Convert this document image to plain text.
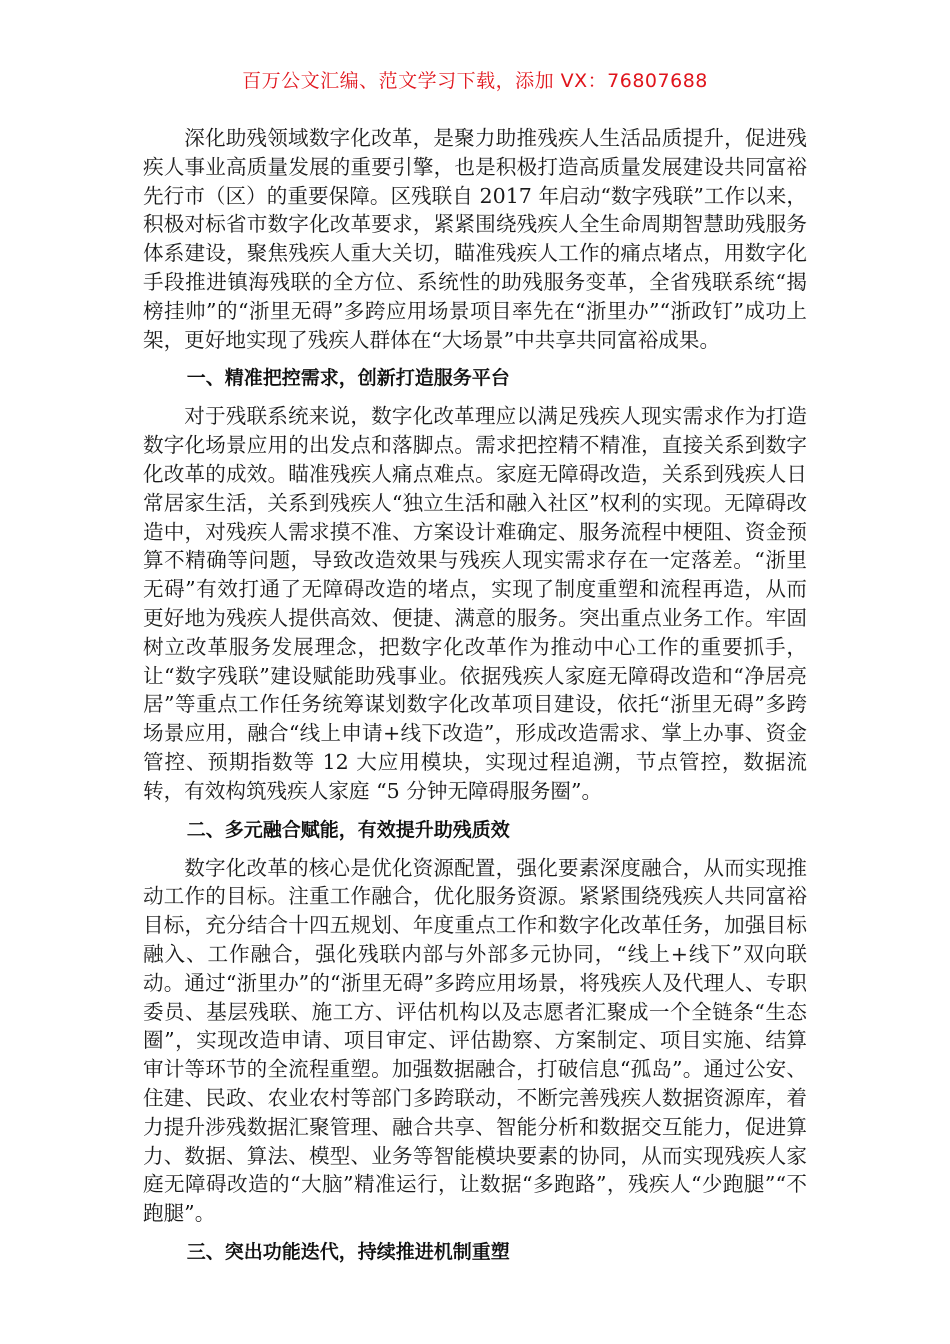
百万公文汇编、范文学习下载，添加 VX：76807688

深化助残领域数字化改革，是聚力助推残疾人生活品质提升，促进残疾人事业高质量发展的重要引擎，也是积极打造高质量发展建设共同富裕先行市（区）的重要保障。区残联自 2017 年启动“数字残联”工作以来，积极对标省市数字化改革要求，紧紧围绕残疾人全生命周期智慧助残服务体系建设，聚焦残疾人重大关切，瞄准残疾人工作的痛点堵点，用数字化手段推进镇海残联的全方位、系统性的助残服务变革，全省残联系统“揭榜挂帅”的“浙里无碍”多跨应用场景项目率先在“浙里办”“浙政钉”成功上架，更好地实现了残疾人群体在“大场景”中共享共同富裕成果。

一、精准把控需求，创新打造服务平台

对于残联系统来说，数字化改革理应以满足残疾人现实需求作为打造数字化场景应用的出发点和落脚点。需求把控精不精准，直接关系到数字化改革的成效。瞄准残疾人痛点难点。家庭无障碍改造，关系到残疾人日常居家生活，关系到残疾人“独立生活和融入社区”权利的实现。无障碍改造中，对残疾人需求摸不准、方案设计难确定、服务流程中梗阻、资金预算不精确等问题，导致改造效果与残疾人现实需求存在一定落差。“浙里无碍”有效打通了无障碍改造的堵点，实现了制度重塑和流程再造，从而更好地为残疾人提供高效、便捷、满意的服务。突出重点业务工作。牢固树立改革服务发展理念，把数字化改革作为推动中心工作的重要抓手，让“数字残联”建设赋能助残事业。依据残疾人家庭无障碍改造和“净居亮居”等重点工作任务统筹谋划数字化改革项目建设，依托“浙里无碍”多跨场景应用，融合“线上申请+线下改造”，形成改造需求、掌上办事、资金管控、预期指数等 12 大应用模块，实现过程追溯，节点管控，数据流转，有效构筑残疾人家庭 “5 分钟无障碍服务圈”。

二、多元融合赋能，有效提升助残质效

数字化改革的核心是优化资源配置，强化要素深度融合，从而实现推动工作的目标。注重工作融合，优化服务资源。紧紧围绕残疾人共同富裕目标，充分结合十四五规划、年度重点工作和数字化改革任务，加强目标融入、工作融合，强化残联内部与外部多元协同，“线上+线下”双向联动。通过“浙里办”的“浙里无碍”多跨应用场景，将残疾人及代理人、专职委员、基层残联、施工方、评估机构以及志愿者汇聚成一个全链条“生态圈”，实现改造申请、项目审定、评估勘察、方案制定、项目实施、结算审计等环节的全流程重塑。加强数据融合，打破信息“孤岛”。通过公安、住建、民政、农业农村等部门多跨联动，不断完善残疾人数据资源库，着力提升涉残数据汇聚管理、融合共享、智能分析和数据交互能力，促进算力、数据、算法、模型、业务等智能模块要素的协同，从而实现残疾人家庭无障碍改造的“大脑”精准运行，让数据“多跑路”，残疾人“少跑腿”“不跑腿”。

三、突出功能迭代，持续推进机制重塑
